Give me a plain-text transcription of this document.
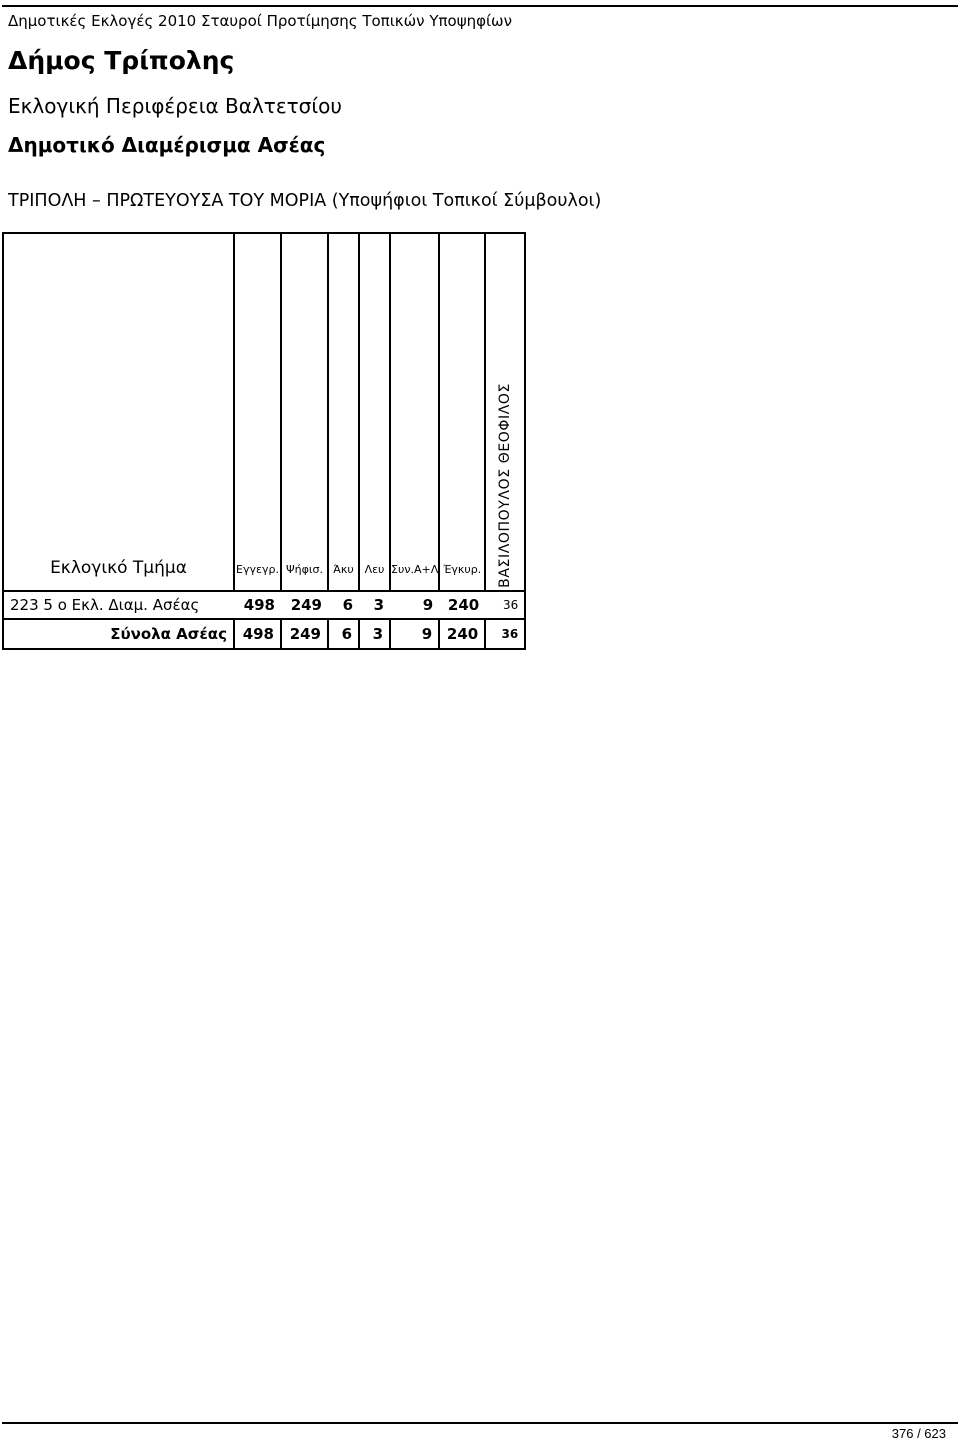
Δημοτικές Εκλογές 2010 Σταυροί Προτίμησης Τοπικών Υποψηφίων
Δήμος Τρίπολης
Εκλογική Περιφέρεια Βαλτετσίου
Δημοτικό Διαμέρισμα Ασέας
ΤΡΙΠΟΛΗ – ΠΡΩΤΕΥΟΥΣΑ ΤΟΥ ΜΟΡΙΑ (Υποψήφιοι Τοπικοί Σύμβουλοι)
Εκλογικό Τμήμα	Εγγεγρ.	Ψήφισ.	Άκυ	Λευ	Συν.Α+Λ	Έγκυρ.	ΒΑΣΙΛΟΠΟΥΛΟΣ ΘΕΟΦΙΛΟΣ

223 5 ο Εκλ. Διαμ. Ασέας	498	249	6	3	9	240	36
Σύνολα Ασέας	498	249	6	3	9	240	36
376 / 623
